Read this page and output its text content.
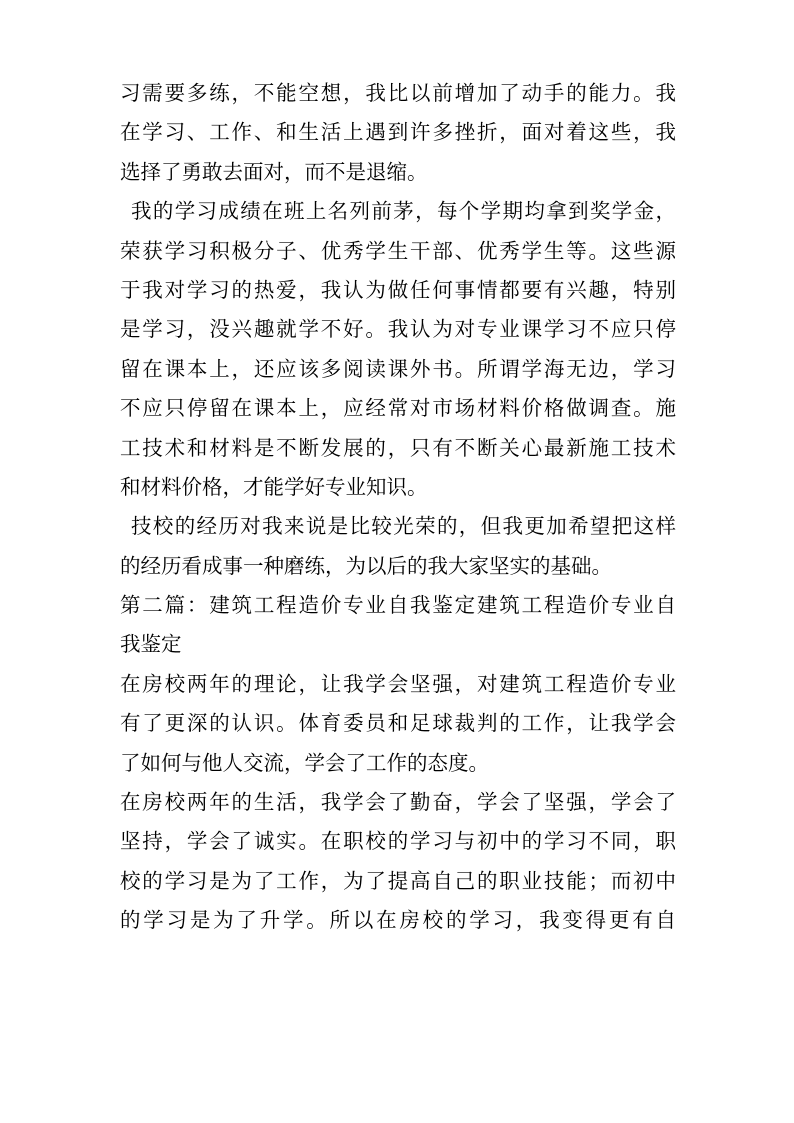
习需要多练，不能空想，我比以前增加了动手的能力。我
在学习、工作、和生活上遇到许多挫折，面对着这些，我
选择了勇敢去面对，而不是退缩。
我的学习成绩在班上名列前茅，每个学期均拿到奖学金，
荣获学习积极分子、优秀学生干部、优秀学生等。这些源
于我对学习的热爱，我认为做任何事情都要有兴趣，特别
是学习，没兴趣就学不好。我认为对专业课学习不应只停
留在课本上，还应该多阅读课外书。所谓学海无边，学习
不应只停留在课本上，应经常对市场材料价格做调查。施
工技术和材料是不断发展的，只有不断关心最新施工技术
和材料价格，才能学好专业知识。
技校的经历对我来说是比较光荣的，但我更加希望把这样
的经历看成事一种磨练，为以后的我大家坚实的基础。
第二篇：建筑工程造价专业自我鉴定建筑工程造价专业自
我鉴定
在房校两年的理论，让我学会坚强，对建筑工程造价专业
有了更深的认识。体育委员和足球裁判的工作，让我学会
了如何与他人交流，学会了工作的态度。
在房校两年的生活，我学会了勤奋，学会了坚强，学会了
坚持，学会了诚实。在职校的学习与初中的学习不同，职
校的学习是为了工作，为了提高自己的职业技能；而初中
的学习是为了升学。所以在房校的学习，我变得更有自
